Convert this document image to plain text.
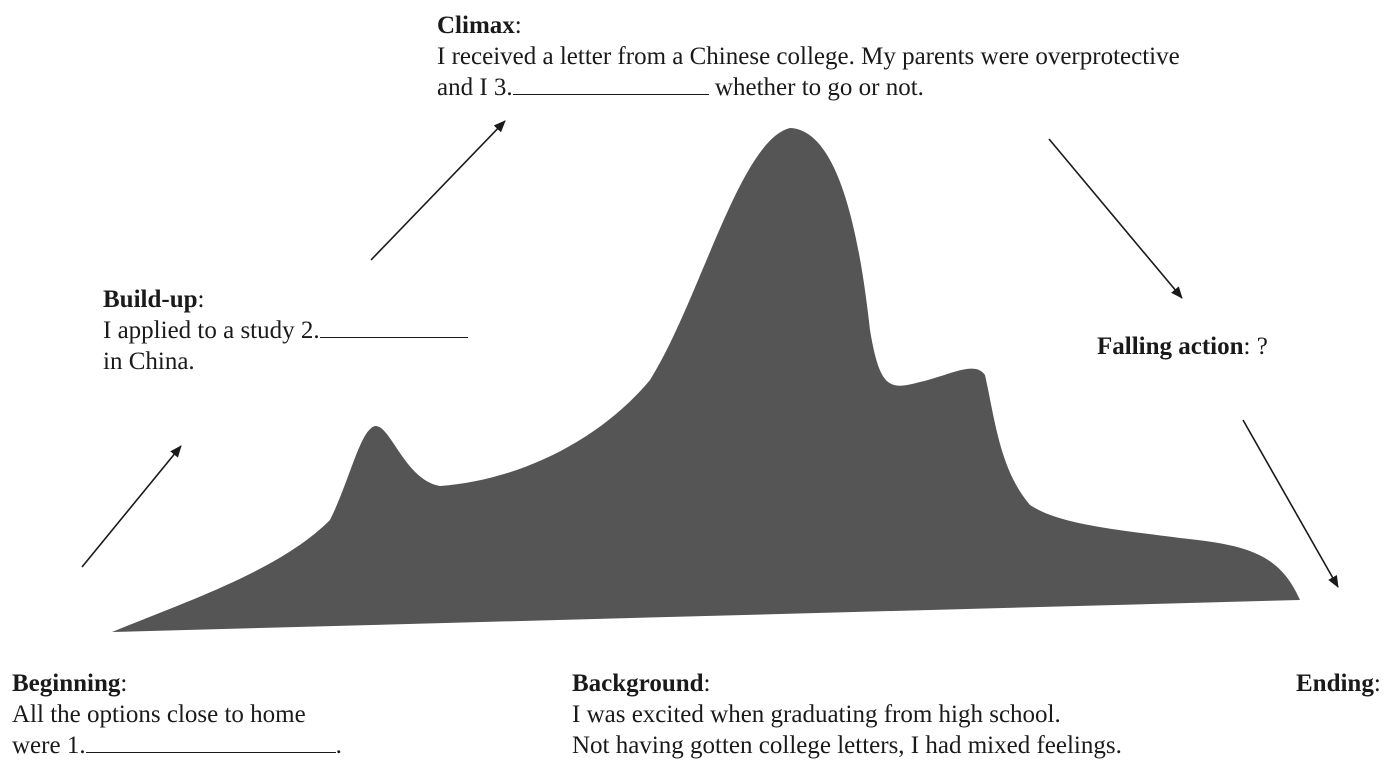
Climax:
I received a letter from a Chinese college. My parents were overprotective
and I 3.	whether to go or not.
Build-up:
I applied to a study 2.
in China.
Falling action: ?
Beginning:
All the options close to home
were 1.	.
Background:
I was excited when graduating from high school.
Not having gotten college letters, I had mixed feelings.
Ending:
